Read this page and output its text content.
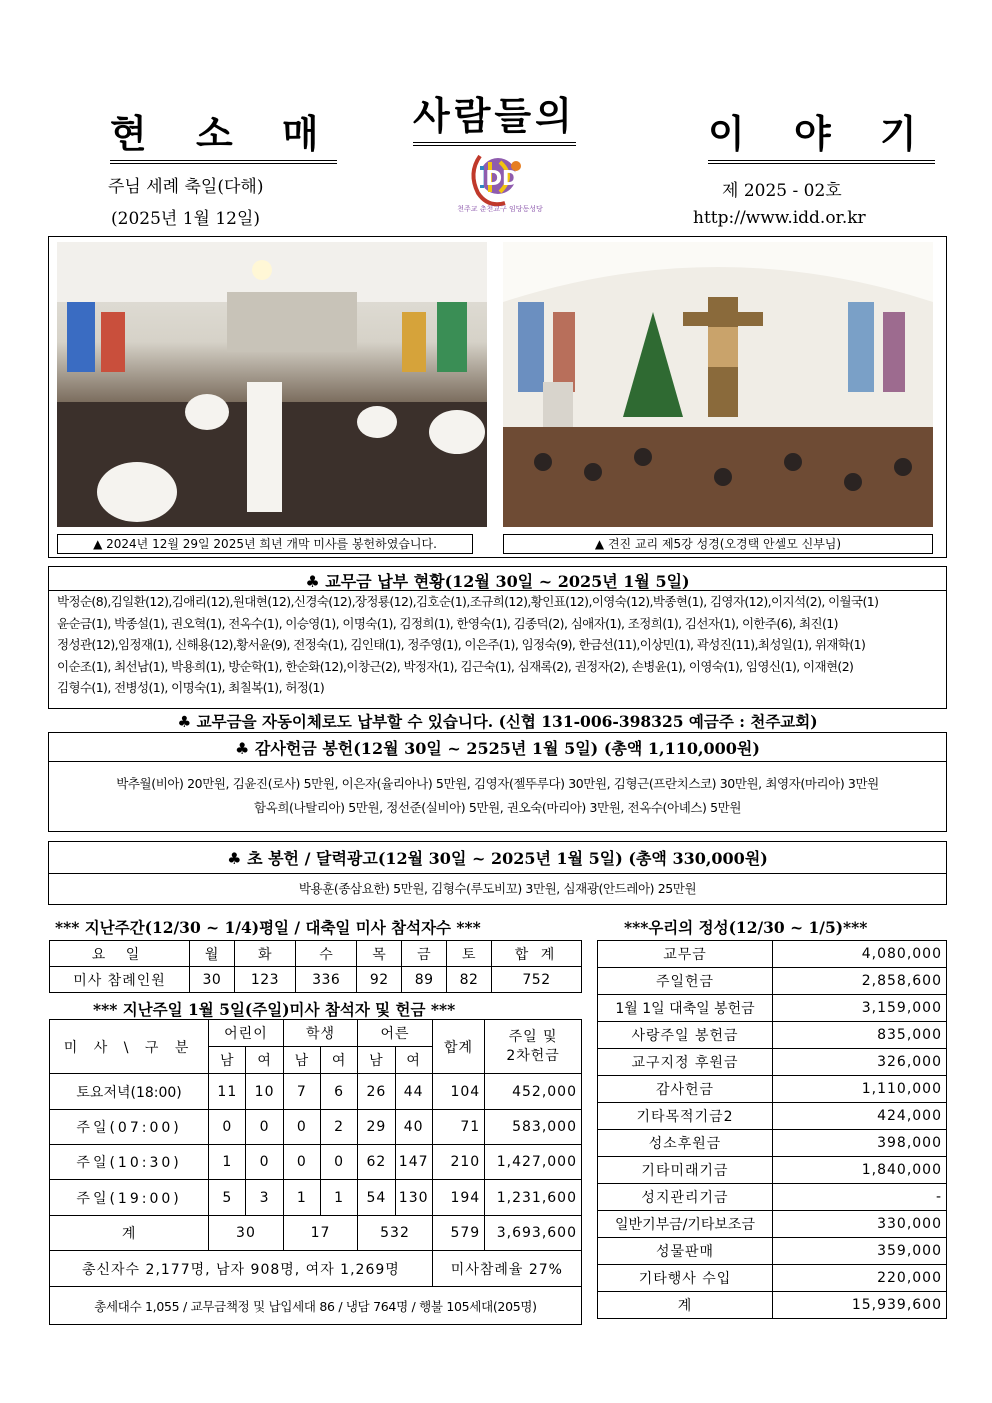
현 소 매 사람들의	이 야 기
주님 세례 축일(다해)
(2025년 1월 12일)
제 2025 - 02호
http://www.idd.or.kr
IDD
천주교 춘천교구 임당동성당
▲ 2024년 12월 29일 2025년 희년 개막 미사를 봉헌하였습니다.	▲ 견진 교리 제5강 성경(오경택 안셀모 신부님)
♣ 교무금 납부 현황(12월 30일 ~ 2025년 1월 5일)
박정순(8),김일환(12),김애리(12),원대현(12),신경숙(12),장정룡(12),김호순(1),조규희(12),황인표(12),이영숙(12),박종현(1), 김영자(12),이지석(2), 이월국(1)
윤순금(1), 박종설(1), 권오혁(1), 전옥수(1), 이승영(1), 이명숙(1), 김정희(1), 한영숙(1), 김종덕(2), 심애자(1), 조정희(1), 김선자(1), 이한주(6), 최진(1)
정성관(12),임정재(1), 신해용(12),황서윤(9), 전정숙(1), 김인태(1), 정주영(1), 이은주(1), 임정숙(9), 한금선(11),이상민(1), 곽성진(11),최성일(1), 위재학(1)
이순조(1), 최선남(1), 박용희(1), 방순학(1), 한순화(12),이창근(2), 박정자(1), 김근숙(1), 심재록(2), 권정자(2), 손병윤(1), 이영숙(1), 임영신(1), 이재현(2)
김형수(1), 전병성(1), 이명숙(1), 최칠복(1), 허정(1)
♣ 교무금을 자동이체로도 납부할 수 있습니다. (신협 131-006-398325 예금주 : 천주교회)
♣ 감사헌금 봉헌(12월 30일 ~ 2525년 1월 5일) (총액 1,110,000원)
박추월(비아) 20만원, 김윤진(로사) 5만원, 이은자(율리아나) 5만원, 김영자(젤뚜루다) 30만원, 김형근(프란치스코) 30만원, 최영자(마리아) 3만원
함옥희(나탈리아) 5만원, 정선준(실비아) 5만원, 권오숙(마리아) 3만원, 전옥수(아녜스) 5만원
♣ 초 봉헌 / 달력광고(12월 30일 ~ 2025년 1월 5일) (총액 330,000원)
박용훈(종삼요한) 5만원, 김형수(루도비꼬) 3만원, 심재광(안드레아) 25만원
*** 지난주간(12/30 ~ 1/4)평일 / 대축일 미사 참석자수 ***
요 일	월	화	수	목	금	토	합 계
미사 참례인원	30	123	336	92	89	82	752
*** 지난주일 1월 5일(주일)미사 참석자 및 헌금 ***
미 사 \ 구 분	어린이		학생		어른		합계	주일 및
2차헌금
	남	여	남	여	남	여		
토요저녁(18:00)	11	10	7	6	26	44	104	452,000
주일(07:00)	0	0	0	2	29	40	71	583,000
주일(10:30)	1	0	0	0	62	147	210	1,427,000
주일(19:00)	5	3	1	1	54	130	194	1,231,600
계	30		17		532		579	3,693,600
총신자수 2,177명, 남자 908명, 여자 1,269명							미사참례율 27%	
총세대수 1,055 / 교무금책정 및 납입세대 86 / 냉담 764명 / 행불 105세대(205명)								
***우리의 정성(12/30 ~ 1/5)***
교무금	4,080,000
주일헌금	2,858,600
1월 1일 대축일 봉헌금	3,159,000
사랑주일 봉헌금	835,000
교구지정 후원금	326,000
감사헌금	1,110,000
기타목적기금2	424,000
성소후원금	398,000
기타미래기금	1,840,000
성지관리기금	-
일반기부금/기타보조금	330,000
성물판매	359,000
기타행사 수입	220,000
계	15,939,600
